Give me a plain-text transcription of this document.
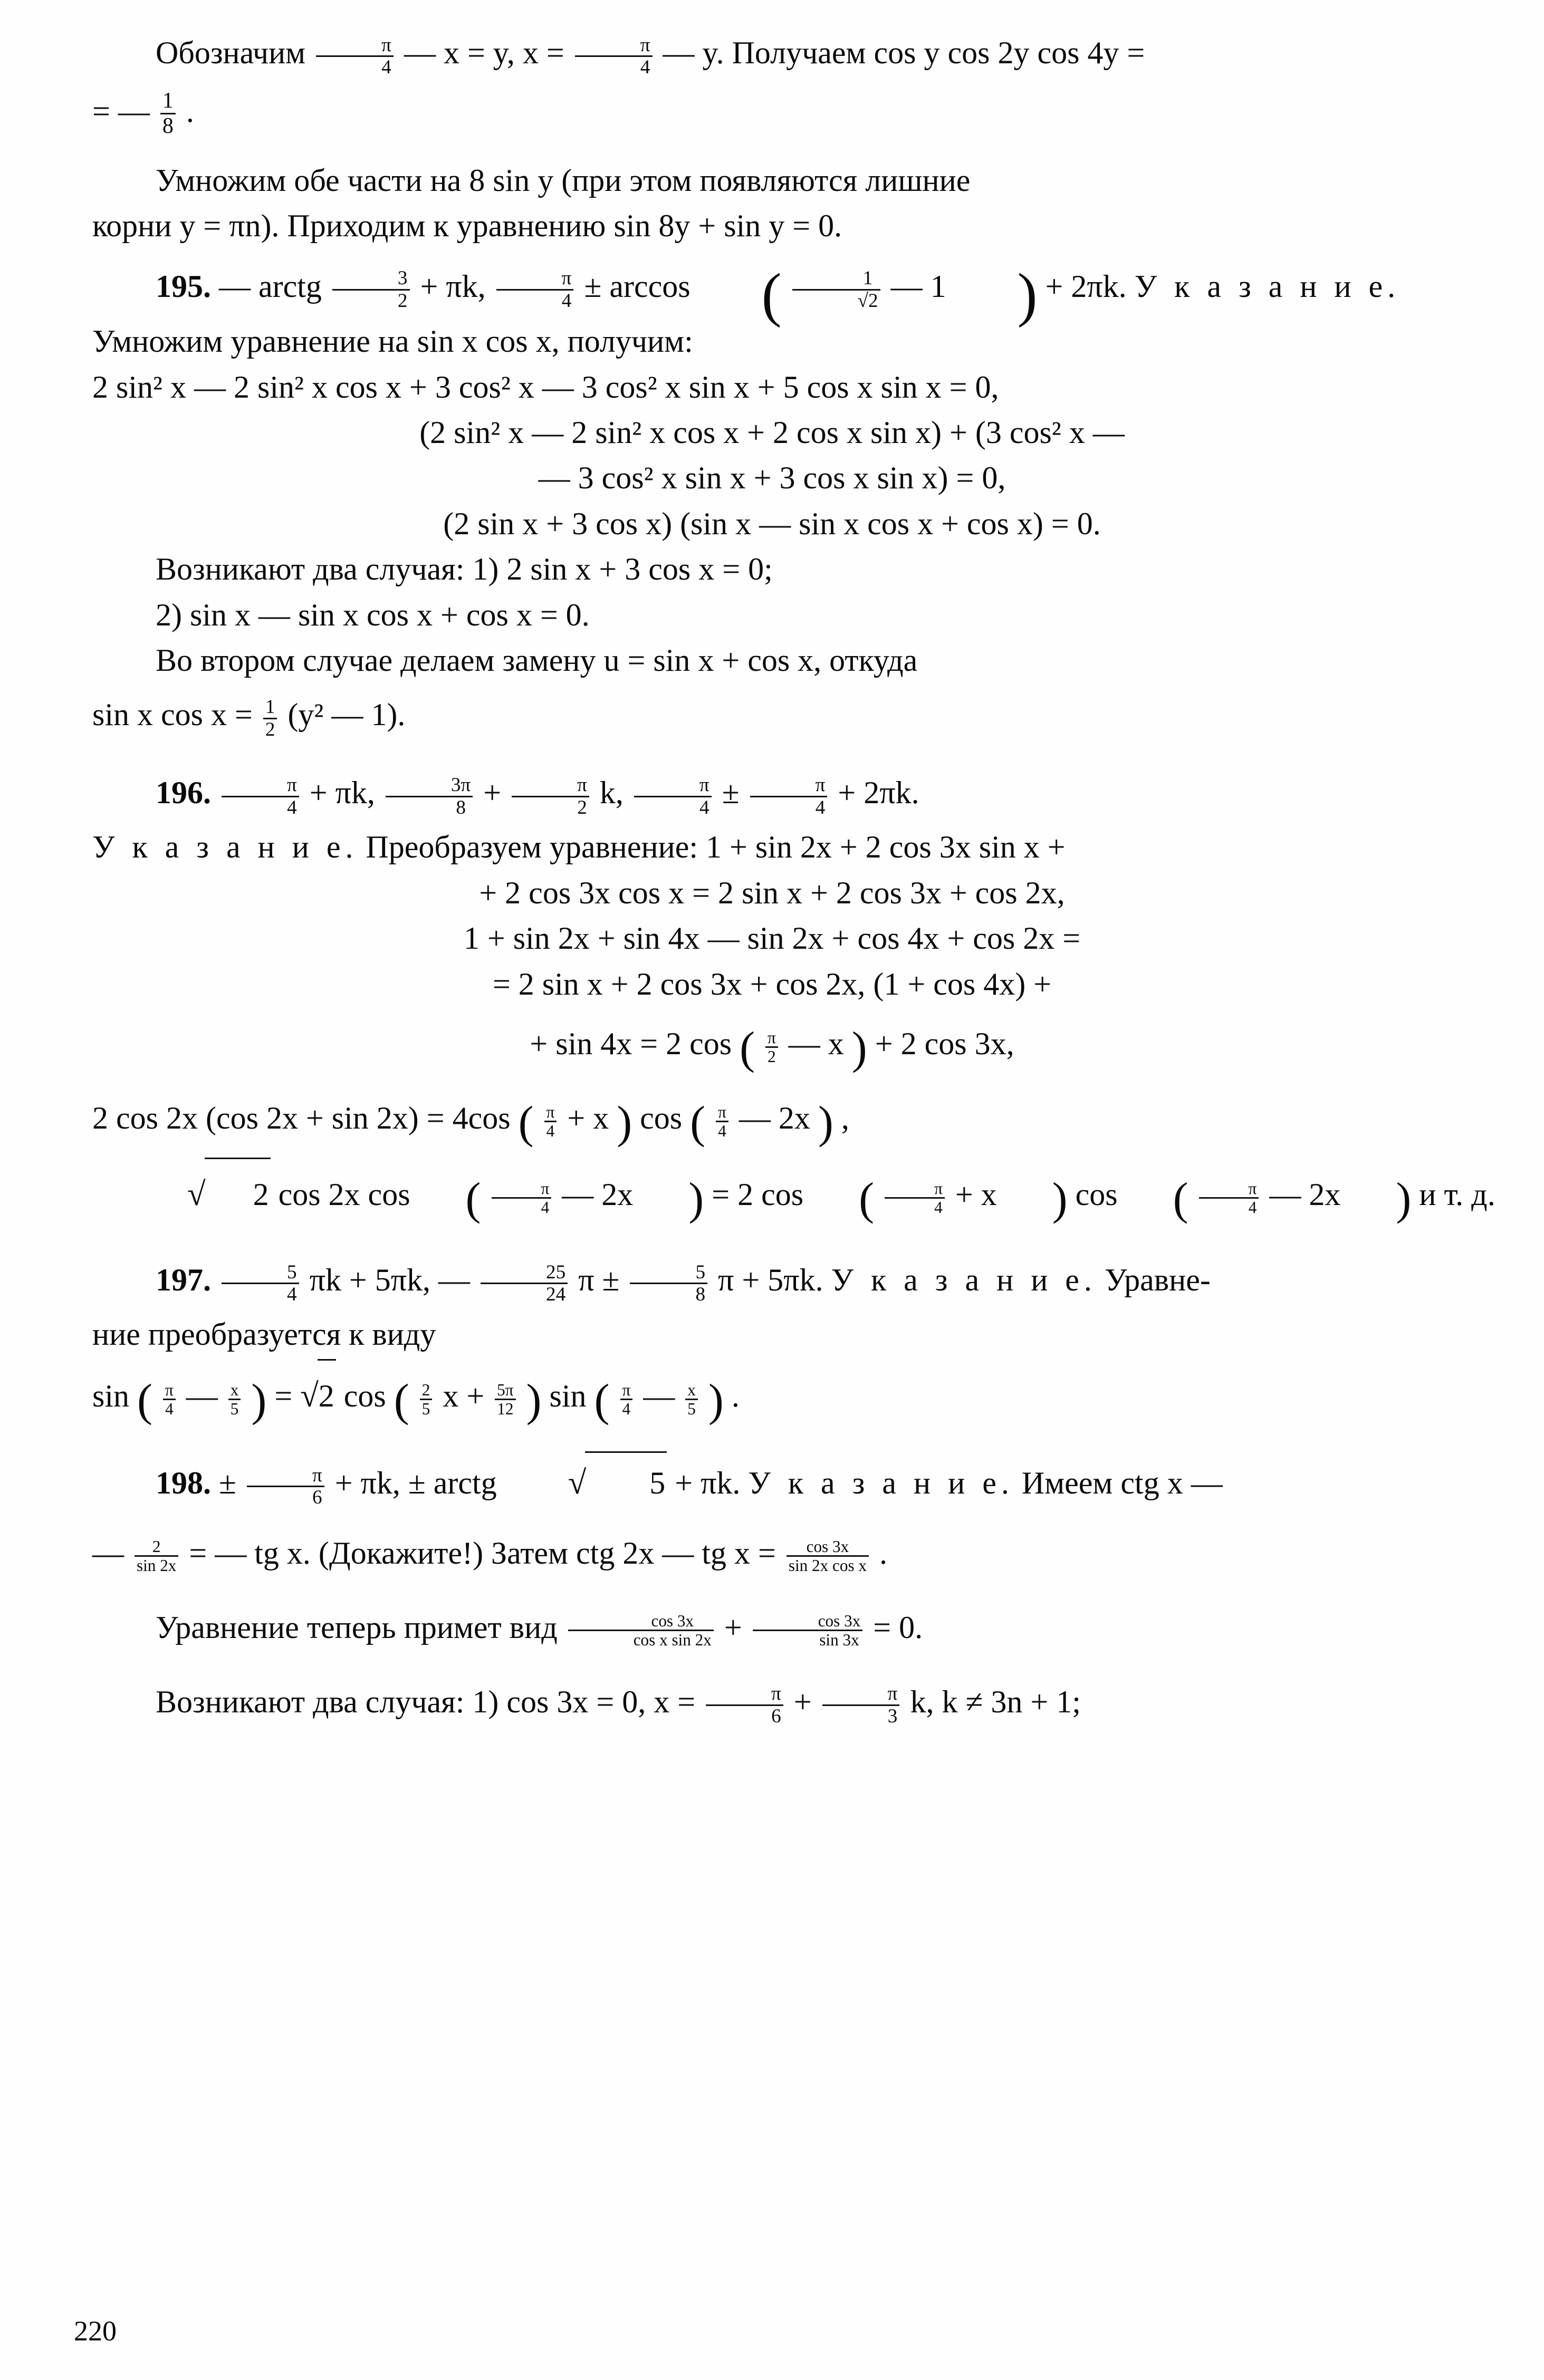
Обозначим $\frac{\pi}{4}$ — x = y, $x = \frac{\pi}{4}$ — y. Получаем cos y cos 2y cos 4y =

= — $\frac{1}{8}$ .

Умножим обе части на 8 sin y (при этом появляются лишние

корни y = πn). Приходим к уравнению sin 8y + sin y = 0.

195. — arctg $\frac{3}{2} + \pi k$, $\frac{\pi}{4} \pm \arccos$ ( $\frac{1}{√2}$ — 1 ) + 2πk. У к а з а н и е.

Умножим уравнение на sin x cos x, получим:

2 sin² x — 2 sin² x cos x + 3 cos² x — 3 cos² x sin x + 5 cos x sin x = 0,

(2 sin² x — 2 sin² x cos x + 2 cos x sin x) + (3 cos² x —

— 3 cos² x sin x + 3 cos x sin x) = 0,

(2 sin x + 3 cos x) (sin x — sin x cos x + cos x) = 0.

Возникают два случая: 1) 2 sin x + 3 cos x = 0;

2) sin x — sin x cos x + cos x = 0.

Во втором случае делаем замену u = sin x + cos x, откуда

sin x $\cos x = \frac{1}{2} (y^2$ — 1).

196. $\frac{\pi}{4} + \pi k$, $\frac{3\pi}{8} + \frac{\pi}{2} k$, $\frac{\pi}{4} \pm \frac{\pi}{4} + 2\pi k$.

У к а з а н и е. Преобразуем уравнение: 1 + sin 2x + 2 cos 3x sin x +

+ 2 cos 3x cos x = 2 sin x + 2 cos 3x + cos 2x,

1 + sin 2x + sin 4x — sin 2x + cos 4x + cos 2x =

= 2 sin x + 2 cos 3x + cos 2x, (1 + cos 4x) +

+ sin 4x = 2 cos ( $\frac{\pi}{2}$ — x ) + 2 cos 3x,

2 cos 2x (cos 2x + sin 2x) = 4cos ( $\frac{\pi}{4} + x$ ) cos ( $\frac{\pi}{4}$ — 2x ) ,

√ 2 cos 2x cos ( $\frac{\pi}{4}$ — 2x ) = 2 cos ( $\frac{\pi}{4} + x$ ) cos ( $\frac{\pi}{4}$ — 2x ) и т. д.

197. $\frac{5}{4}$ πk + 5πk, — $\frac{25}{24}$ $\pi \pm \frac{5}{8}$ π + 5πk. У к а з а н и е. Уравне-

ние преобразуется к виду

sin ( $\frac{\pi}{4}$ — $\frac{x}{5}$ ) = √2 cos ( $\frac{2}{5}$ $x + \frac{5\pi}{12}$ ) sin ( $\frac{\pi}{4}$ — $\frac{x}{5}$ ) .

198. ± $\frac{\pi}{6} + \pi k$, ± arctg √ 5 + πk. У к а з а н и е. Имеем ctg x —

— $\frac{2}{\sin 2x}$ = — tg x. (Докажите!) Затем ctg 2x — tg $x = \frac{\cos 3x}{\text{sin 2x cos x}}$ .

Уравнение теперь примет вид $\frac{\cos 3x}{\text{cos x sin 2x}} + \frac{\cos 3x}{\sin 3x} = 0$.

Возникают два случая: 1) cos 3x = 0, $x = \frac{\pi}{6} + \frac{\pi}{3} k$, k ≠ 3n + 1;

220
